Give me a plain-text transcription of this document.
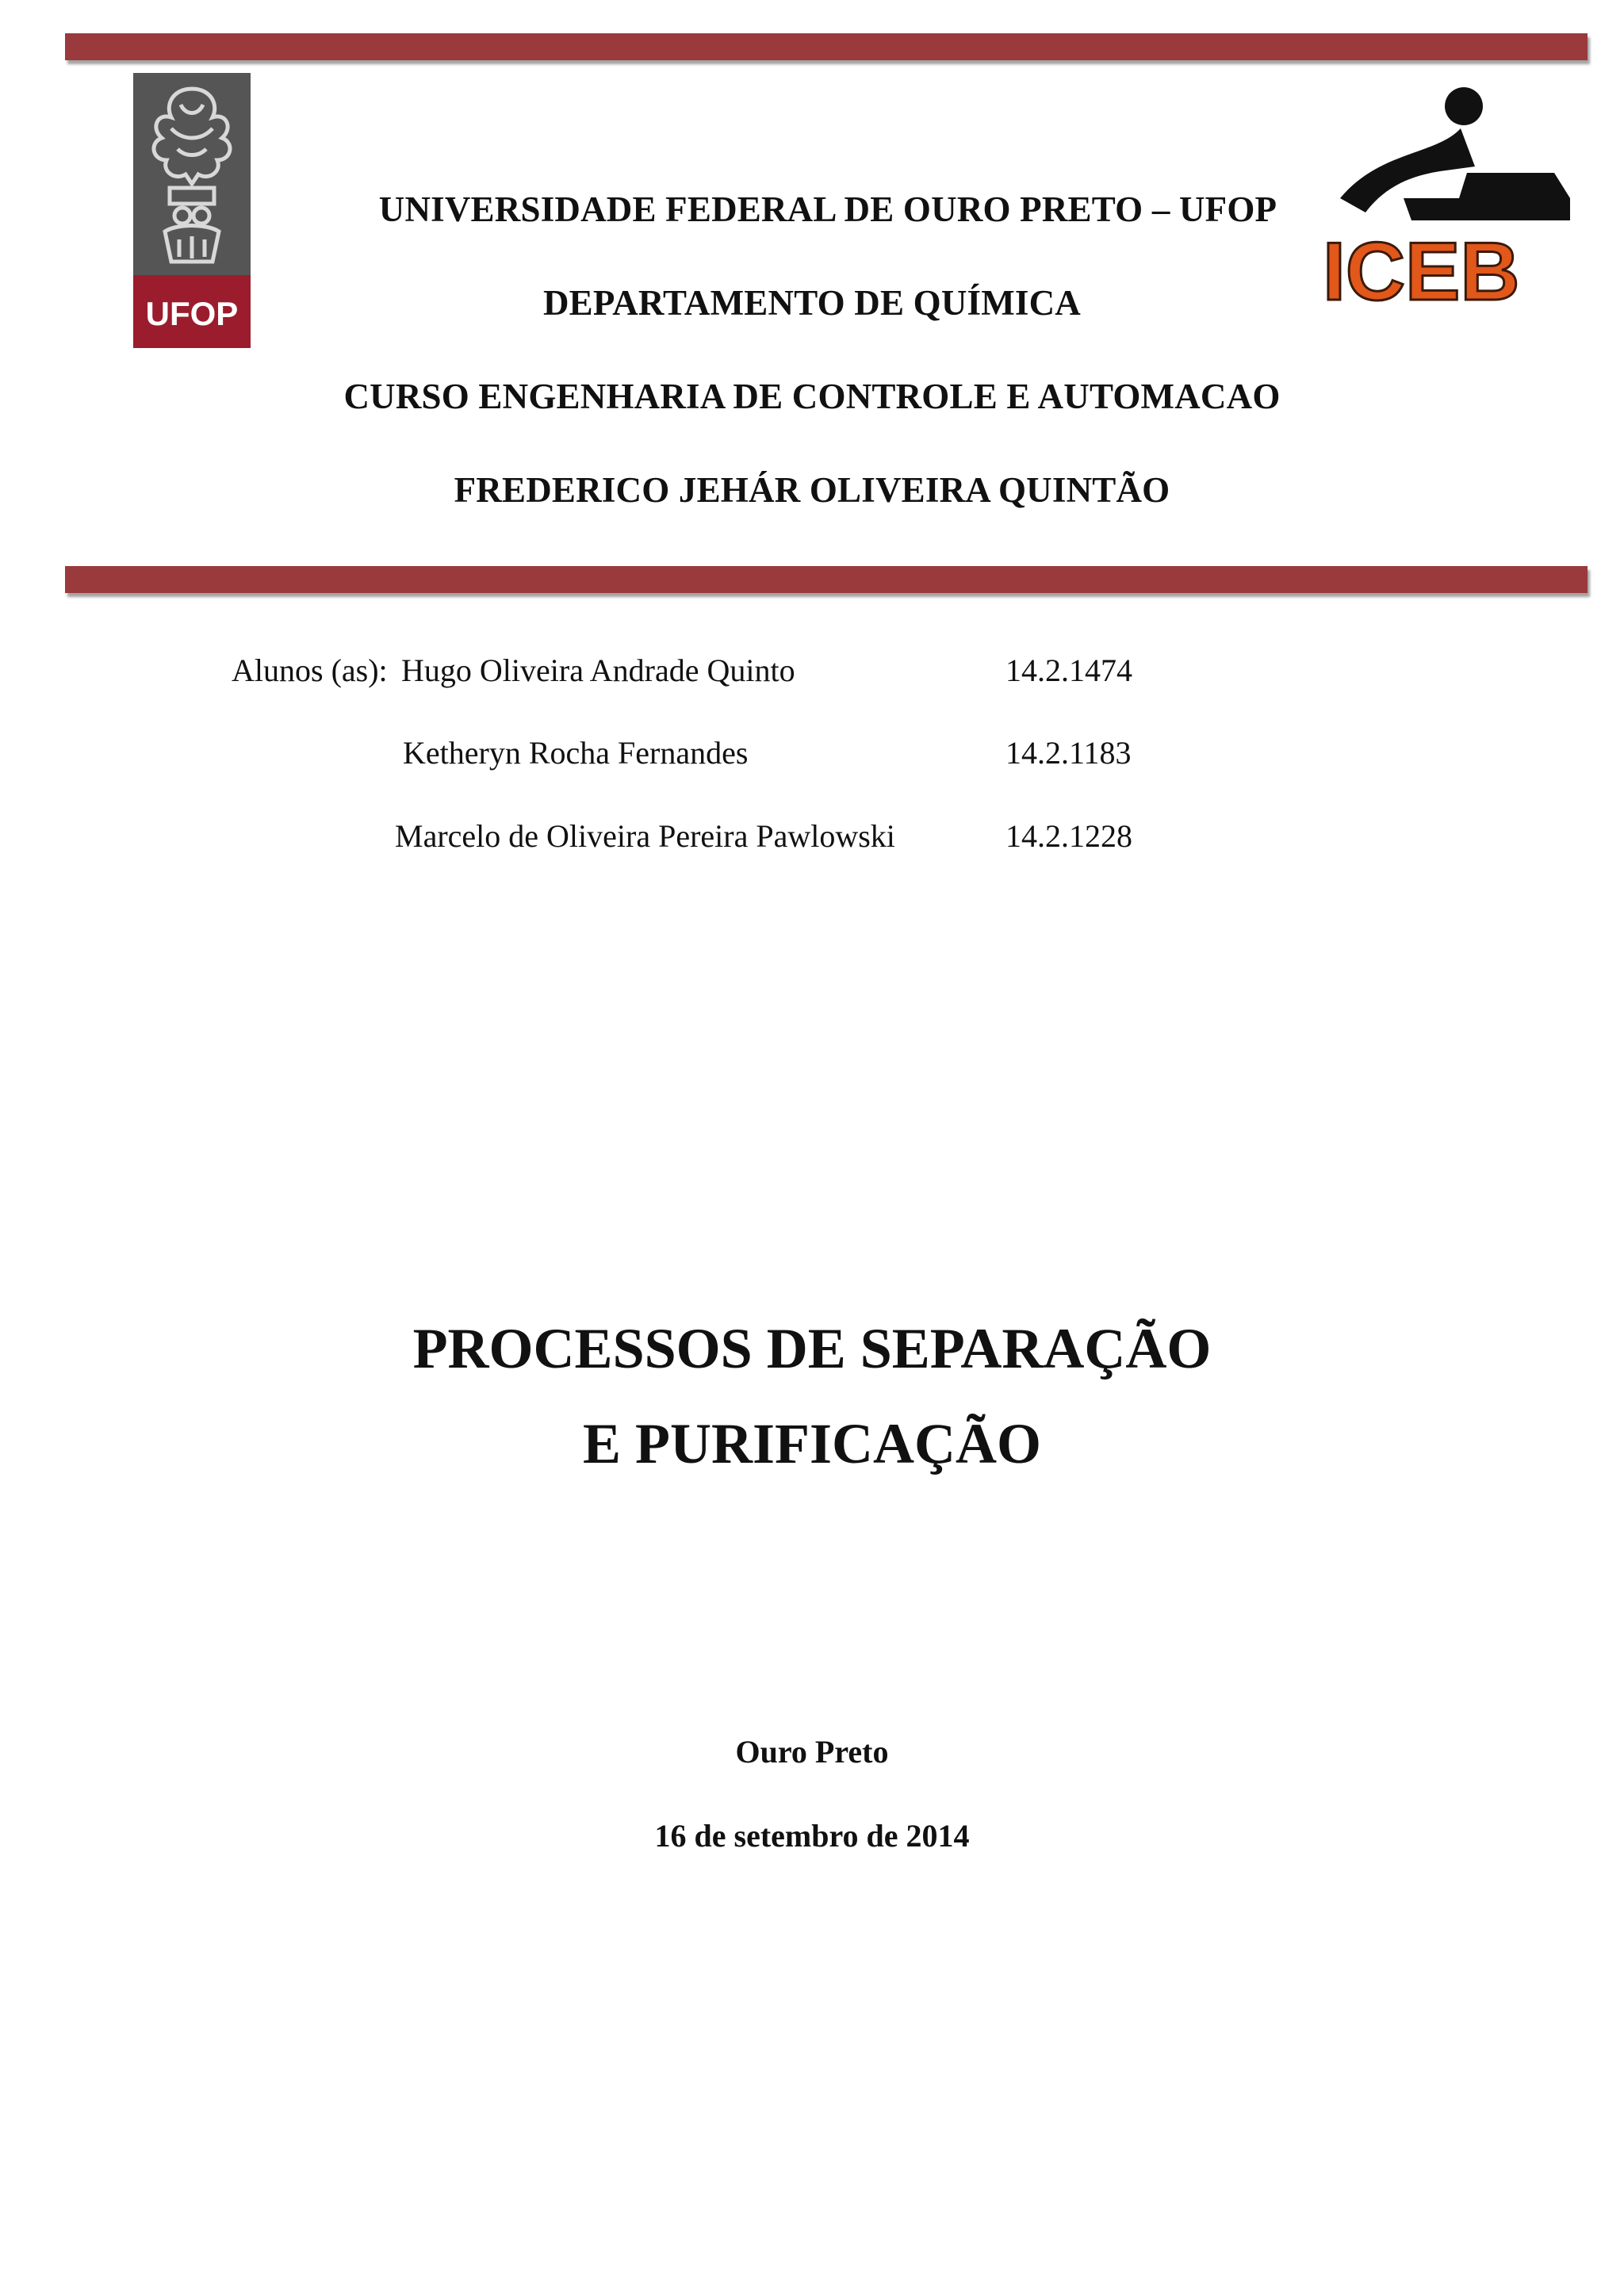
UFOP	ICEB
UNIVERSIDADE FEDERAL DE OURO PRETO – UFOP
DEPARTAMENTO DE QUÍMICA
CURSO ENGENHARIA DE CONTROLE E AUTOMACAO
FREDERICO JEHÁR OLIVEIRA QUINTÃO
Alunos (as): Hugo Oliveira Andrade Quinto	14.2.1474
Ketheryn Rocha Fernandes	14.2.1183
Marcelo de Oliveira Pereira Pawlowski	14.2.1228
PROCESSOS DE SEPARAÇÃO
E PURIFICAÇÃO
Ouro Preto
16 de setembro de 2014
